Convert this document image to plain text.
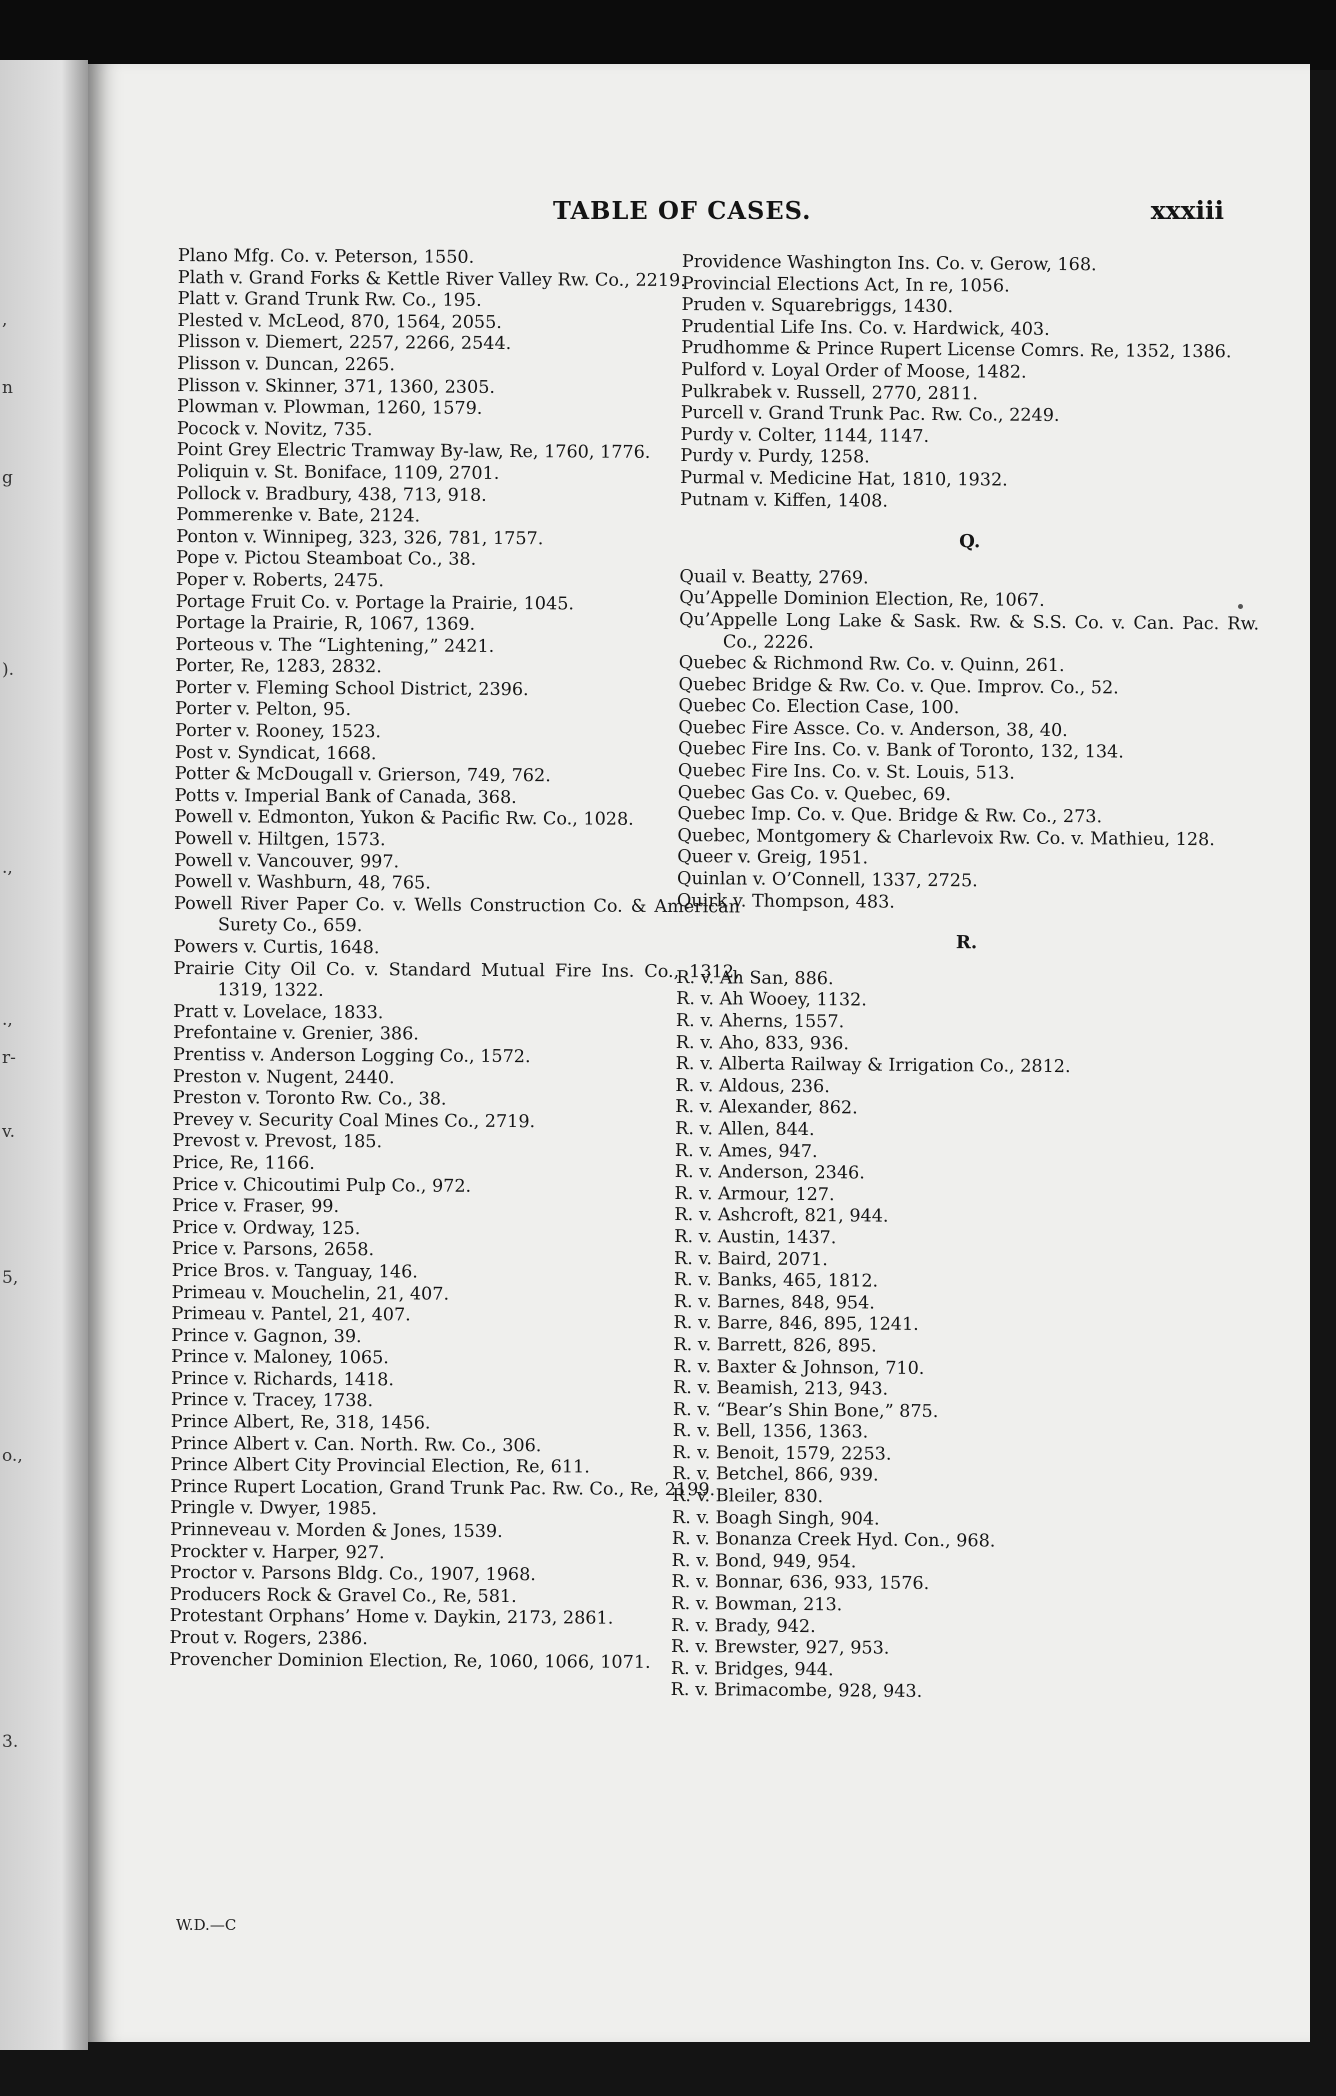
,
n
g
).
.,
.,
r-
v.
5,
o.,
3.
TABLE OF CASES.	xxxiii
Plano Mfg. Co. v. Peterson, 1550.
Plath v. Grand Forks & Kettle River Valley Rw. Co., 2219.
Platt v. Grand Trunk Rw. Co., 195.
Plested v. McLeod, 870, 1564, 2055.
Plisson v. Diemert, 2257, 2266, 2544.
Plisson v. Duncan, 2265.
Plisson v. Skinner, 371, 1360, 2305.
Plowman v. Plowman, 1260, 1579.
Pocock v. Novitz, 735.
Point Grey Electric Tramway By-law, Re, 1760, 1776.
Poliquin v. St. Boniface, 1109, 2701.
Pollock v. Bradbury, 438, 713, 918.
Pommerenke v. Bate, 2124.
Ponton v. Winnipeg, 323, 326, 781, 1757.
Pope v. Pictou Steamboat Co., 38.
Poper v. Roberts, 2475.
Portage Fruit Co. v. Portage la Prairie, 1045.
Portage la Prairie, R, 1067, 1369.
Porteous v. The “Lightening,” 2421.
Porter, Re, 1283, 2832.
Porter v. Fleming School District, 2396.
Porter v. Pelton, 95.
Porter v. Rooney, 1523.
Post v. Syndicat, 1668.
Potter & McDougall v. Grierson, 749, 762.
Potts v. Imperial Bank of Canada, 368.
Powell v. Edmonton, Yukon & Pacific Rw. Co., 1028.
Powell v. Hiltgen, 1573.
Powell v. Vancouver, 997.
Powell v. Washburn, 48, 765.
Powell River Paper Co. v. Wells Construction Co. & American Surety Co., 659.
Powers v. Curtis, 1648.
Prairie City Oil Co. v. Standard Mutual Fire Ins. Co., 1312, 1319, 1322.
Pratt v. Lovelace, 1833.
Prefontaine v. Grenier, 386.
Prentiss v. Anderson Logging Co., 1572.
Preston v. Nugent, 2440.
Preston v. Toronto Rw. Co., 38.
Prevey v. Security Coal Mines Co., 2719.
Prevost v. Prevost, 185.
Price, Re, 1166.
Price v. Chicoutimi Pulp Co., 972.
Price v. Fraser, 99.
Price v. Ordway, 125.
Price v. Parsons, 2658.
Price Bros. v. Tanguay, 146.
Primeau v. Mouchelin, 21, 407.
Primeau v. Pantel, 21, 407.
Prince v. Gagnon, 39.
Prince v. Maloney, 1065.
Prince v. Richards, 1418.
Prince v. Tracey, 1738.
Prince Albert, Re, 318, 1456.
Prince Albert v. Can. North. Rw. Co., 306.
Prince Albert City Provincial Election, Re, 611.
Prince Rupert Location, Grand Trunk Pac. Rw. Co., Re, 2199.
Pringle v. Dwyer, 1985.
Prinneveau v. Morden & Jones, 1539.
Prockter v. Harper, 927.
Proctor v. Parsons Bldg. Co., 1907, 1968.
Producers Rock & Gravel Co., Re, 581.
Protestant Orphans’ Home v. Daykin, 2173, 2861.
Prout v. Rogers, 2386.
Provencher Dominion Election, Re, 1060, 1066, 1071.
Providence Washington Ins. Co. v. Gerow, 168.
Provincial Elections Act, In re, 1056.
Pruden v. Squarebriggs, 1430.
Prudential Life Ins. Co. v. Hardwick, 403.
Prudhomme & Prince Rupert License Comrs. Re, 1352, 1386.
Pulford v. Loyal Order of Moose, 1482.
Pulkrabek v. Russell, 2770, 2811.
Purcell v. Grand Trunk Pac. Rw. Co., 2249.
Purdy v. Colter, 1144, 1147.
Purdy v. Purdy, 1258.
Purmal v. Medicine Hat, 1810, 1932.
Putnam v. Kiffen, 1408.
Q.
Quail v. Beatty, 2769.
Qu’Appelle Dominion Election, Re, 1067.
Qu’Appelle Long Lake & Sask. Rw. & S.S. Co. v. Can. Pac. Rw. Co., 2226.
Quebec & Richmond Rw. Co. v. Quinn, 261.
Quebec Bridge & Rw. Co. v. Que. Improv. Co., 52.
Quebec Co. Election Case, 100.
Quebec Fire Assce. Co. v. Anderson, 38, 40.
Quebec Fire Ins. Co. v. Bank of Toronto, 132, 134.
Quebec Fire Ins. Co. v. St. Louis, 513.
Quebec Gas Co. v. Quebec, 69.
Quebec Imp. Co. v. Que. Bridge & Rw. Co., 273.
Quebec, Montgomery & Charlevoix Rw. Co. v. Mathieu, 128.
Queer v. Greig, 1951.
Quinlan v. O’Connell, 1337, 2725.
Quirk v. Thompson, 483.
R.
R. v. Ah San, 886.
R. v. Ah Wooey, 1132.
R. v. Aherns, 1557.
R. v. Aho, 833, 936.
R. v. Alberta Railway & Irrigation Co., 2812.
R. v. Aldous, 236.
R. v. Alexander, 862.
R. v. Allen, 844.
R. v. Ames, 947.
R. v. Anderson, 2346.
R. v. Armour, 127.
R. v. Ashcroft, 821, 944.
R. v. Austin, 1437.
R. v. Baird, 2071.
R. v. Banks, 465, 1812.
R. v. Barnes, 848, 954.
R. v. Barre, 846, 895, 1241.
R. v. Barrett, 826, 895.
R. v. Baxter & Johnson, 710.
R. v. Beamish, 213, 943.
R. v. “Bear’s Shin Bone,” 875.
R. v. Bell, 1356, 1363.
R. v. Benoit, 1579, 2253.
R. v. Betchel, 866, 939.
R. v. Bleiler, 830.
R. v. Boagh Singh, 904.
R. v. Bonanza Creek Hyd. Con., 968.
R. v. Bond, 949, 954.
R. v. Bonnar, 636, 933, 1576.
R. v. Bowman, 213.
R. v. Brady, 942.
R. v. Brewster, 927, 953.
R. v. Bridges, 944.
R. v. Brimacombe, 928, 943.
W.D.—C
